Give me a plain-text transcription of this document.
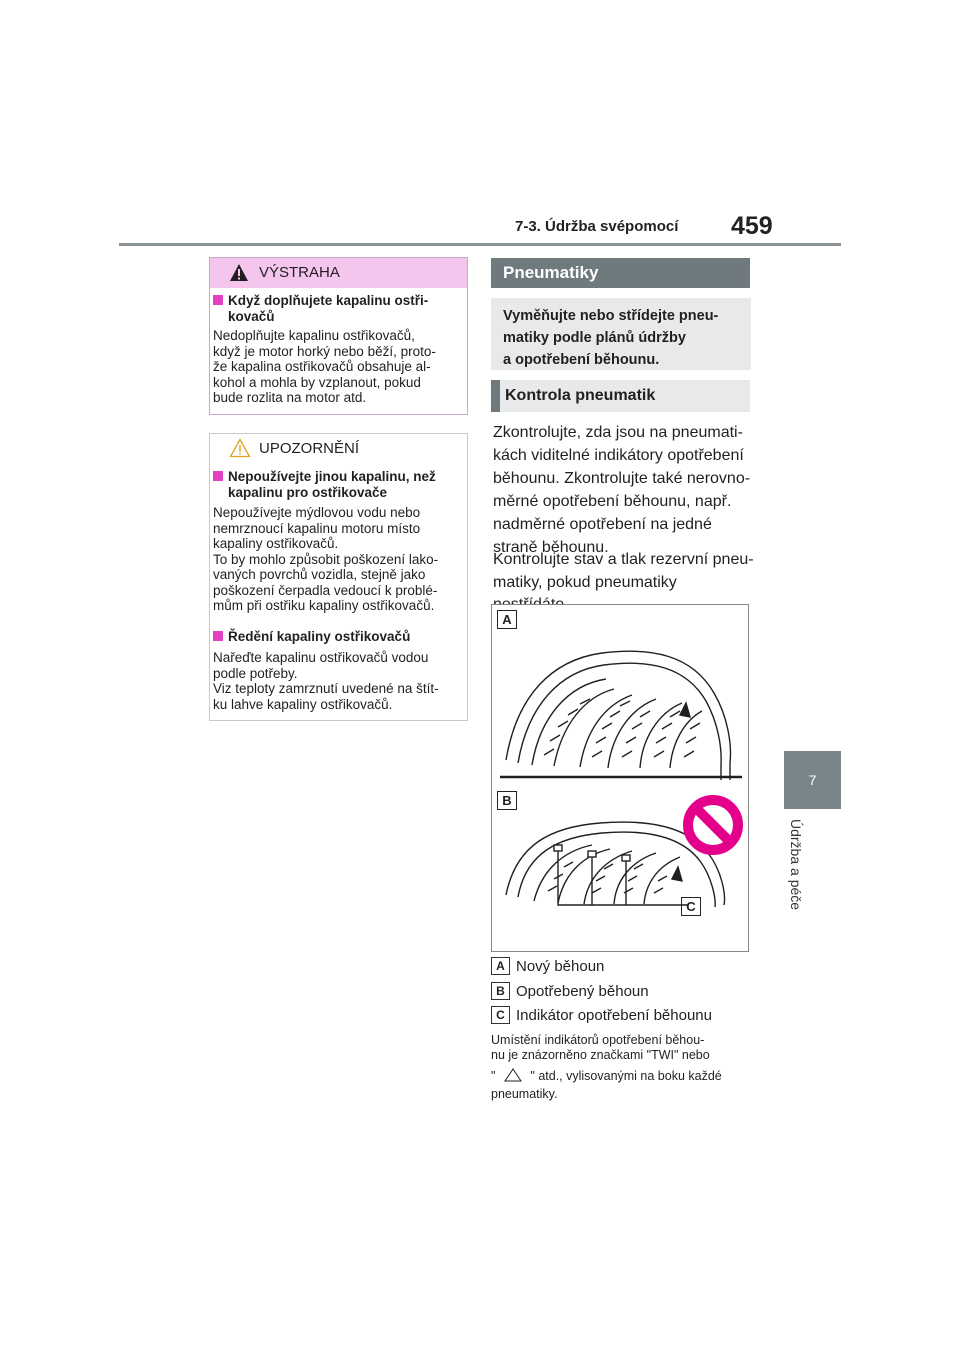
7-3. Údržba svépomocí 459
7
Údržba a péče
VÝSTRAHA
Když doplňujete kapalinu ostři-
kovačů
Nedoplňujte kapalinu ostřikovačů,
když je motor horký nebo běží, proto-
že kapalina ostřikovačů obsahuje al-
kohol a mohla by vzplanout, pokud
bude rozlita na motor atd.
UPOZORNĚNÍ
Nepoužívejte jinou kapalinu, než
kapalinu pro ostřikovače
Nepoužívejte mýdlovou vodu nebo
nemrznoucí kapalinu motoru místo
kapaliny ostřikovačů.
To by mohlo způsobit poškození lako-
vaných povrchů vozidla, stejně jako
poškození čerpadla vedoucí k problé-
mům při ostřiku kapaliny ostřikovačů.
Ředění kapaliny ostřikovačů
Nařeďte kapalinu ostřikovačů vodou
podle potřeby.
Viz teploty zamrznutí uvedené na štít-
ku lahve kapaliny ostřikovačů.
Pneumatiky
Vyměňujte nebo střídejte pneu-
matiky podle plánů údržby
a opotřebení běhounu.
Kontrola pneumatik
Zkontrolujte, zda jsou na pneumati-
kách viditelné indikátory opotřebení
běhounu. Zkontrolujte také nerovno-
měrné opotřebení běhounu, např.
nadměrné opotřebení na jedné
straně běhounu.
Kontrolujte stav a tlak rezervní pneu-
matiky, pokud pneumatiky
A
B
C
A Nový běhoun
B Opotřebený běhoun
C Indikátor opotřebení běhounu
Umístění indikátorů opotřebení běhou-
nu je znázorněno značkami "TWI" nebo
"	" atd., vylisovanými na boku každé
pneumatiky.
